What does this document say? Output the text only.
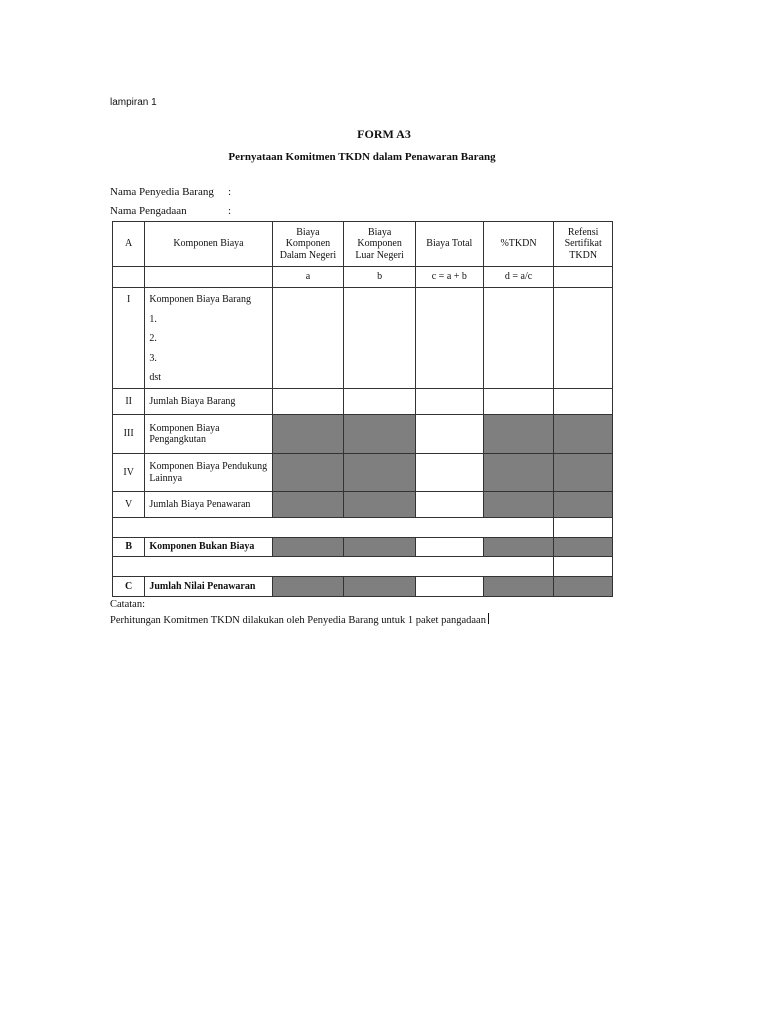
lampiran 1
FORM A3
Pernyataan Komitmen TKDN dalam Penawaran Barang
Nama Penyedia Barang :
Nama Pengadaan	:
A	Komponen Biaya	Biaya Komponen Dalam Negeri	Biaya Komponen Luar Negeri	Biaya Total	%TKDN	Refensi Sertifikat TKDN
		a	b	c = a + b	d = a/c	
I	Komponen Biaya Barang
1.
2.
3.
dst					

II	Jumlah Biaya Barang					
III	Komponen Biaya Pengangkutan					
IV	Komponen Biaya Pendukung Lainnya					
V	Jumlah Biaya Penawaran					

B	Komponen Bukan Biaya					

C	Jumlah Nilai Penawaran					
Catatan:
Perhitungan Komitmen TKDN dilakukan oleh Penyedia Barang untuk 1 paket pangadaan
